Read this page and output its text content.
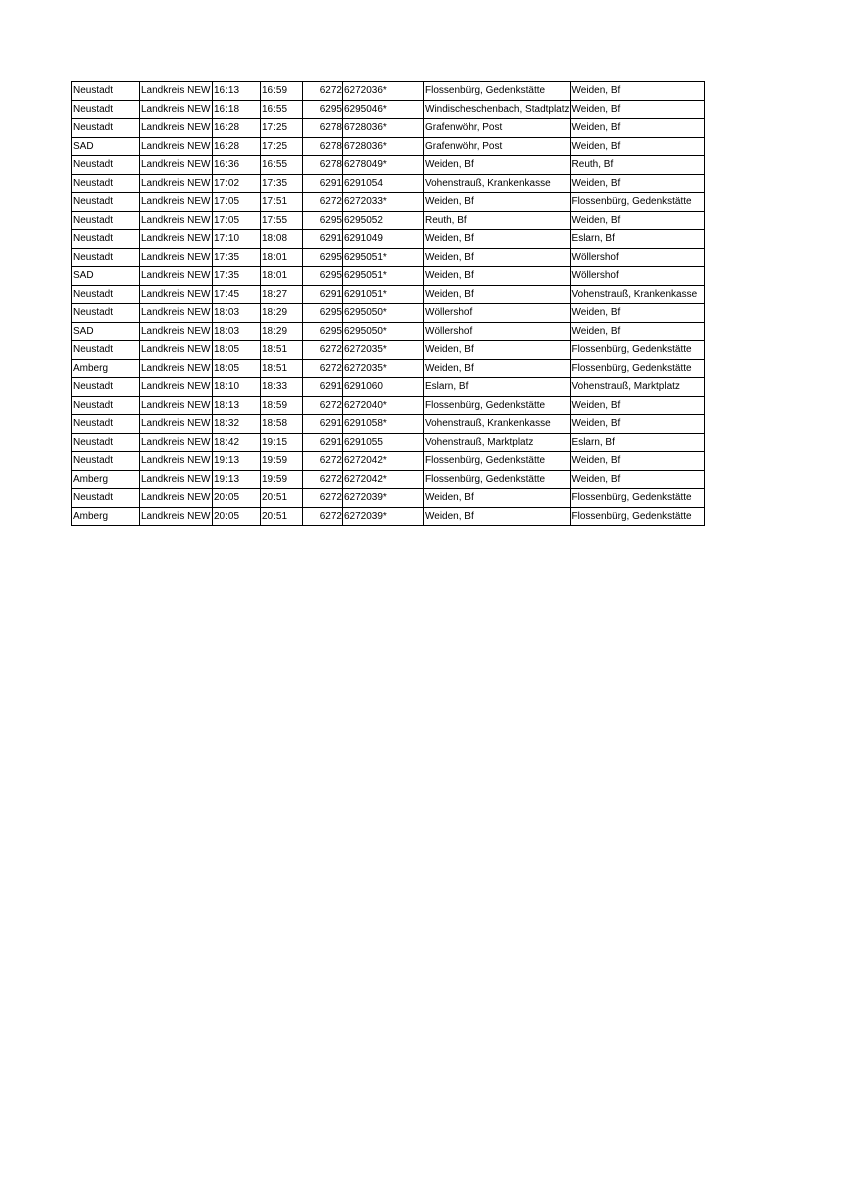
Neustadt	Landkreis NEW	16:13	16:59	6272	6272036*	Flossenbürg, Gedenkstätte	Weiden, Bf
Neustadt	Landkreis NEW	16:18	16:55	6295	6295046*	Windischeschenbach, Stadtplatz	Weiden, Bf
Neustadt	Landkreis NEW	16:28	17:25	6278	6728036*	Grafenwöhr, Post	Weiden, Bf
SAD	Landkreis NEW	16:28	17:25	6278	6728036*	Grafenwöhr, Post	Weiden, Bf
Neustadt	Landkreis NEW	16:36	16:55	6278	6278049*	Weiden, Bf	Reuth, Bf
Neustadt	Landkreis NEW	17:02	17:35	6291	6291054	Vohenstrauß, Krankenkasse	Weiden, Bf
Neustadt	Landkreis NEW	17:05	17:51	6272	6272033*	Weiden, Bf	Flossenbürg, Gedenkstätte
Neustadt	Landkreis NEW	17:05	17:55	6295	6295052	Reuth, Bf	Weiden, Bf
Neustadt	Landkreis NEW	17:10	18:08	6291	6291049	Weiden, Bf	Eslarn, Bf
Neustadt	Landkreis NEW	17:35	18:01	6295	6295051*	Weiden, Bf	Wöllershof
SAD	Landkreis NEW	17:35	18:01	6295	6295051*	Weiden, Bf	Wöllershof
Neustadt	Landkreis NEW	17:45	18:27	6291	6291051*	Weiden, Bf	Vohenstrauß, Krankenkasse
Neustadt	Landkreis NEW	18:03	18:29	6295	6295050*	Wöllershof	Weiden, Bf
SAD	Landkreis NEW	18:03	18:29	6295	6295050*	Wöllershof	Weiden, Bf
Neustadt	Landkreis NEW	18:05	18:51	6272	6272035*	Weiden, Bf	Flossenbürg, Gedenkstätte
Amberg	Landkreis NEW	18:05	18:51	6272	6272035*	Weiden, Bf	Flossenbürg, Gedenkstätte
Neustadt	Landkreis NEW	18:10	18:33	6291	6291060	Eslarn, Bf	Vohenstrauß, Marktplatz
Neustadt	Landkreis NEW	18:13	18:59	6272	6272040*	Flossenbürg, Gedenkstätte	Weiden, Bf
Neustadt	Landkreis NEW	18:32	18:58	6291	6291058*	Vohenstrauß, Krankenkasse	Weiden, Bf
Neustadt	Landkreis NEW	18:42	19:15	6291	6291055	Vohenstrauß, Marktplatz	Eslarn, Bf
Neustadt	Landkreis NEW	19:13	19:59	6272	6272042*	Flossenbürg, Gedenkstätte	Weiden, Bf
Amberg	Landkreis NEW	19:13	19:59	6272	6272042*	Flossenbürg, Gedenkstätte	Weiden, Bf
Neustadt	Landkreis NEW	20:05	20:51	6272	6272039*	Weiden, Bf	Flossenbürg, Gedenkstätte
Amberg	Landkreis NEW	20:05	20:51	6272	6272039*	Weiden, Bf	Flossenbürg, Gedenkstätte
